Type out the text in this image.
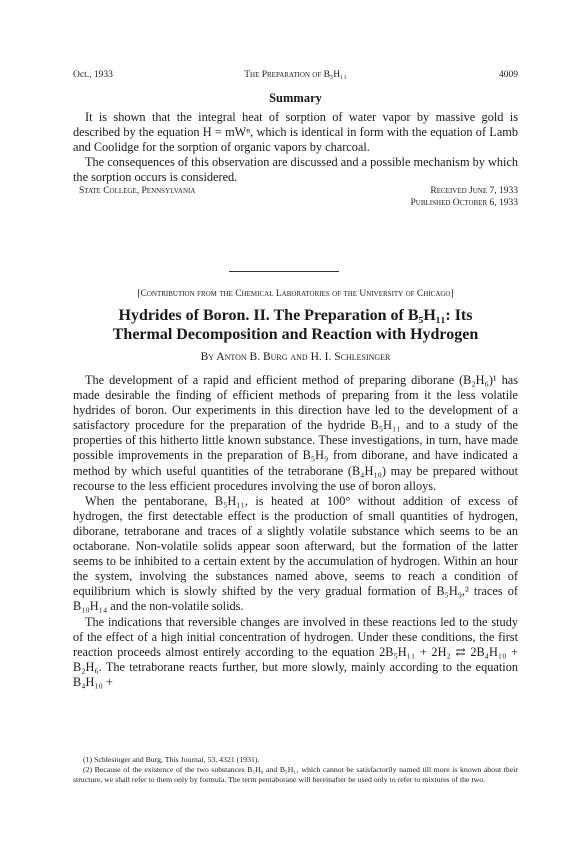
Oct., 1933	The Preparation of B₅H₁₁	4009
Summary

It is shown that the integral heat of sorption of water vapor by massive gold is described by the equation H = mWⁿ, which is identical in form with the equation of Lamb and Coolidge for the sorption of organic vapors by charcoal.

The consequences of this observation are discussed and a possible mechanism by which the sorption occurs is considered.

State College, Pennsylvania	Received June 7, 1933
Published October 6, 1933
[Contribution from the Chemical Laboratories of the University of Chicago]
Hydrides of Boron. II. The Preparation of B₅H₁₁: Its
Thermal Decomposition and Reaction with Hydrogen
By Anton B. Burg and H. I. Schlesinger

The development of a rapid and efficient method of preparing diborane (B₂H₆)¹ has made desirable the finding of efficient methods of preparing from it the less volatile hydrides of boron. Our experiments in this direction have led to the development of a satisfactory procedure for the preparation of the hydride B₅H₁₁ and to a study of the properties of this hitherto little known substance. These investigations, in turn, have made possible improvements in the preparation of B₅H₉ from diborane, and have indicated a method by which useful quantities of the tetraborane (B₄H₁₀) may be prepared without recourse to the less efficient procedures involving the use of boron alloys.

When the pentaborane, B₅H₁₁, is heated at 100° without addition of excess of hydrogen, the first detectable effect is the production of small quantities of hydrogen, diborane, tetraborane and traces of a slightly volatile substance which seems to be an octaborane. Non-volatile solids appear soon afterward, but the formation of the latter seems to be inhibited to a certain extent by the accumulation of hydrogen. Within an hour the system, involving the substances named above, seems to reach a condition of equilibrium which is slowly shifted by the very gradual formation of B₅H₉,² traces of B₁₀H₁₄ and the non-volatile solids.

The indications that reversible changes are involved in these reactions led to the study of the effect of a high initial concentration of hydrogen. Under these conditions, the first reaction proceeds almost entirely according to the equation 2B₅H₁₁ + 2H₂ ⇄ 2B₄H₁₀ + B₂H₆. The tetraborane reacts further, but more slowly, mainly according to the equation B₄H₁₀ +

(1) Schlesinger and Burg, This Journal, 53, 4321 (1931).

(2) Because of the existence of the two substances B₅H₉ and B₅H₁₁ which cannot be satisfactorily named till more is known about their structure, we shall refer to them only by formula. The term pentaborane will hereinafter be used only to refer to mixtures of the two.
